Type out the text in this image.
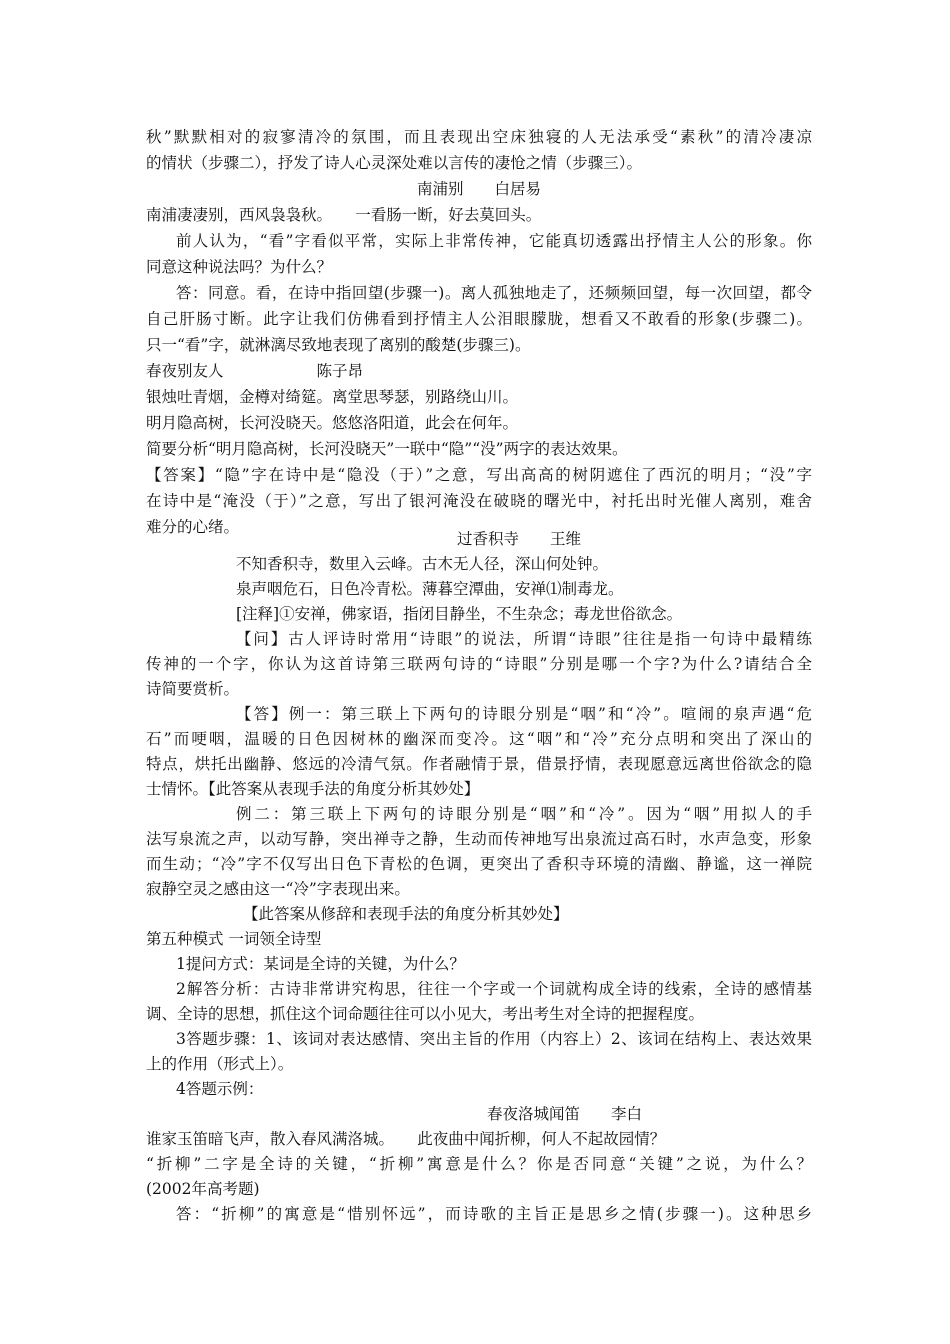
秋”默默相对的寂寥清冷的氛围，而且表现出空床独寝的人无法承受“素秋”的清冷凄凉
的情状（步骤二），抒发了诗人心灵深处难以言传的凄怆之情（步骤三）。
南浦别　　白居易
南浦凄凄别，西风袅袅秋。　　一看肠一断，好去莫回头。
前人认为，“看”字看似平常，实际上非常传神，它能真切透露出抒情主人公的形象。你
同意这种说法吗？为什么？
答：同意。看，在诗中指回望(步骤一)。离人孤独地走了，还频频回望，每一次回望，都令
自己肝肠寸断。此字让我们仿佛看到抒情主人公泪眼朦胧，想看又不敢看的形象(步骤二)。
只一“看”字，就淋漓尽致地表现了离别的酸楚(步骤三)。
春夜别友人　　　　　　陈子昂
银烛吐青烟，金樽对绮筵。离堂思琴瑟，别路绕山川。
明月隐高树，长河没晓天。悠悠洛阳道，此会在何年。
简要分析“明月隐高树，长河没晓天”一联中“隐”“没”两字的表达效果。
【答案】“隐”字在诗中是“隐没（于）”之意，写出高高的树阴遮住了西沉的明月；“没”字
在诗中是“淹没（于）”之意，写出了银河淹没在破晓的曙光中，衬托出时光催人离别，难舍
难分的心绪。
过香积寺　　王维
不知香积寺，数里入云峰。古木无人径，深山何处钟。
泉声咽危石，日色冷青松。薄暮空潭曲，安禅⑴制毒龙。
[注释]①安禅，佛家语，指闭目静坐，不生杂念；毒龙世俗欲念。
【问】古人评诗时常用“诗眼”的说法，所谓“诗眼”往往是指一句诗中最精练
传神的一个字，你认为这首诗第三联两句诗的“诗眼”分别是哪一个字?为什么?请结合全
诗简要赏析。
【答】例一：第三联上下两句的诗眼分别是“咽”和“冷”。喧闹的泉声遇“危
石”而哽咽，温暖的日色因树林的幽深而变冷。这“咽”和“冷”充分点明和突出了深山的
特点，烘托出幽静、悠远的冷清气氛。作者融情于景，借景抒情，表现愿意远离世俗欲念的隐
士情怀。【此答案从表现手法的角度分析其妙处】
例二：第三联上下两句的诗眼分别是“咽”和“冷”。因为“咽”用拟人的手
法写泉流之声，以动写静，突出禅寺之静，生动而传神地写出泉流过高石时，水声急变，形象
而生动；“冷”字不仅写出日色下青松的色调，更突出了香积寺环境的清幽、静谧，这一禅院
寂静空灵之感由这一“冷”字表现出来。
【此答案从修辞和表现手法的角度分析其妙处】
第五种模式 一词领全诗型
1提问方式：某词是全诗的关键，为什么？
2解答分析：古诗非常讲究构思，往往一个字或一个词就构成全诗的线索，全诗的感情基
调、全诗的思想，抓住这个词命题往往可以小见大，考出考生对全诗的把握程度。
3答题步骤：1、该词对表达感情、突出主旨的作用（内容上）2、该词在结构上、表达效果
上的作用（形式上）。
4答题示例：
春夜洛城闻笛　　李白
谁家玉笛暗飞声，散入春风满洛城。　　此夜曲中闻折柳，何人不起故园情？
“折柳”二字是全诗的关键，“折柳”寓意是什么？你是否同意“关键”之说，为什么？
(2002年高考题)
答：“折柳”的寓意是“惜别怀远”，而诗歌的主旨正是思乡之情(步骤一)。这种思乡
